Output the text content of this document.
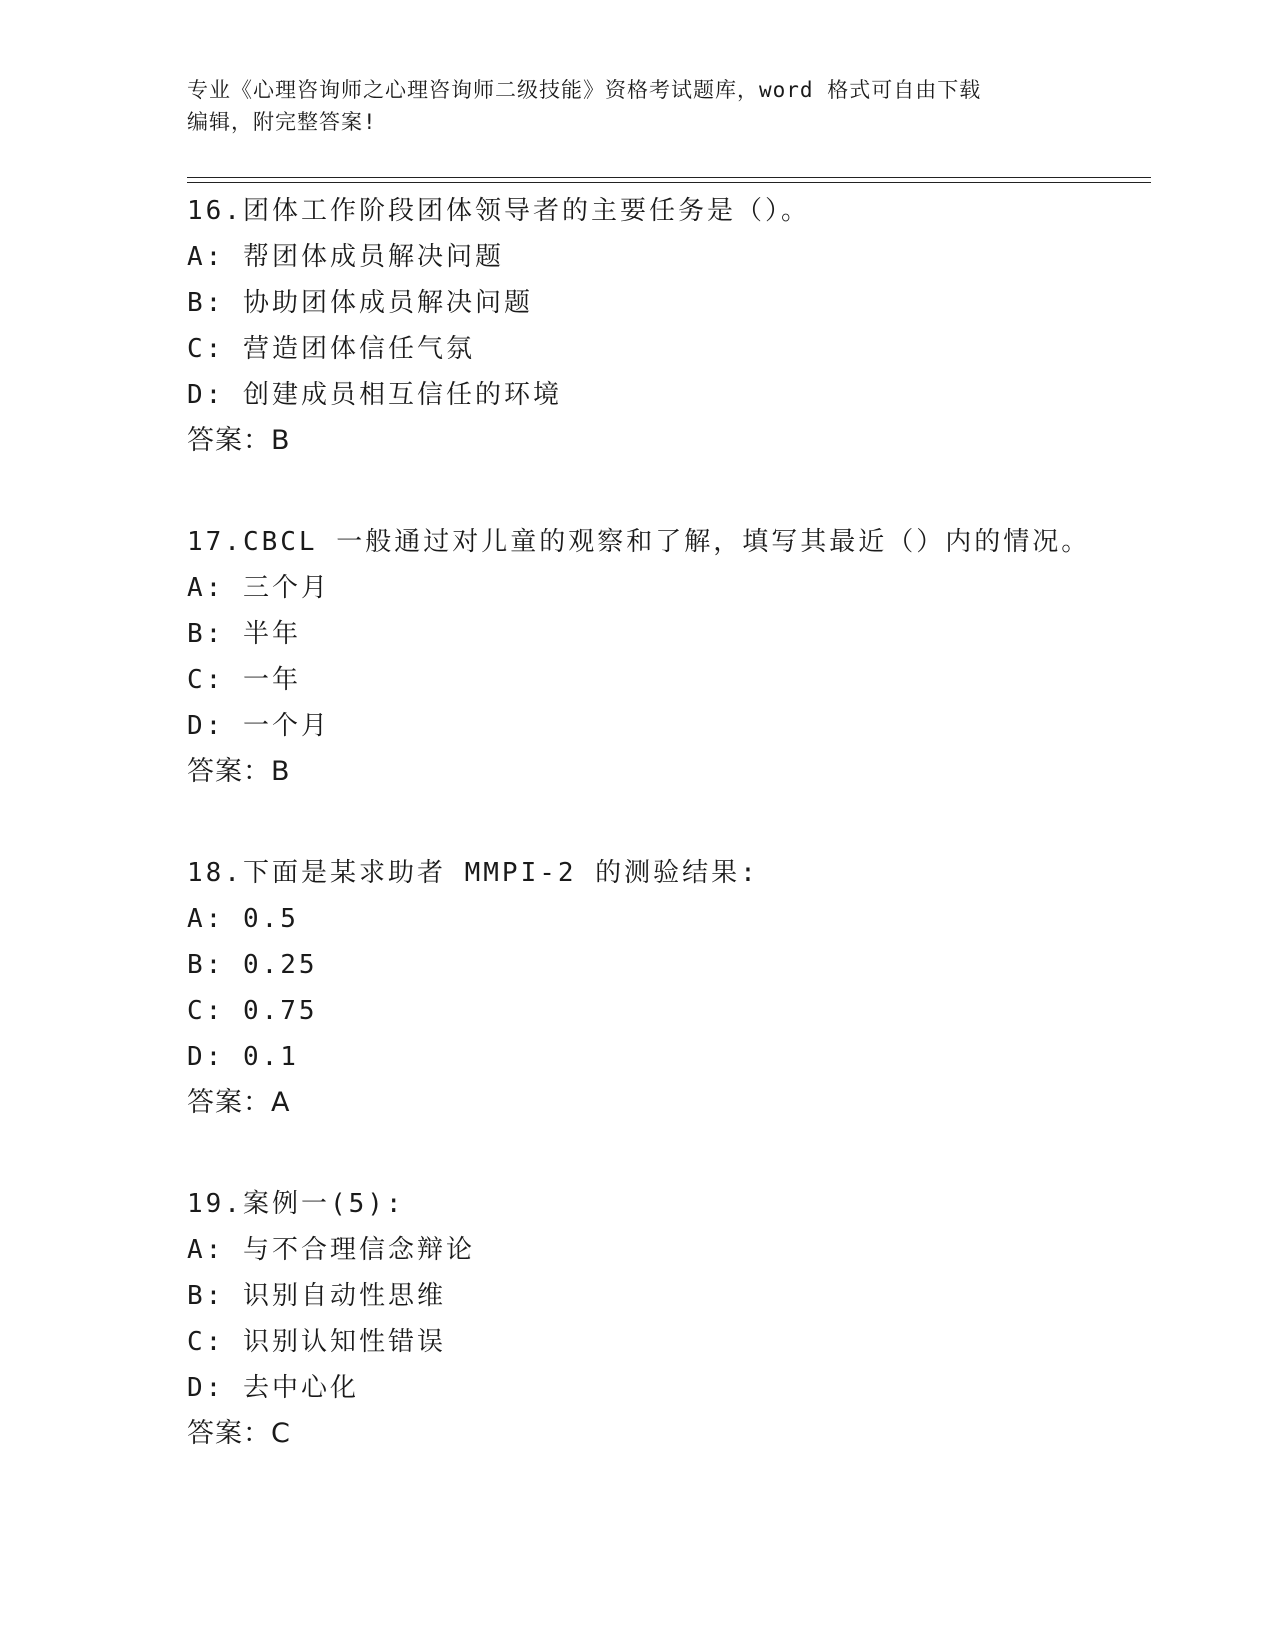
专业《心理咨询师之心理咨询师二级技能》资格考试题库，word 格式可自由下载
编辑，附完整答案!
16.团体工作阶段团体领导者的主要任务是（）。
A: 帮团体成员解决问题
B: 协助团体成员解决问题
C: 营造团体信任气氛
D: 创建成员相互信任的环境
答案：B
17.CBCL 一般通过对儿童的观察和了解，填写其最近（）内的情况。
A: 三个月
B: 半年
C: 一年
D: 一个月
答案：B
18.下面是某求助者 MMPI-2 的测验结果:
A: 0.5
B: 0.25
C: 0.75
D: 0.1
答案：A
19.案例一(5):
A: 与不合理信念辩论
B: 识别自动性思维
C: 识别认知性错误
D: 去中心化
答案：C
